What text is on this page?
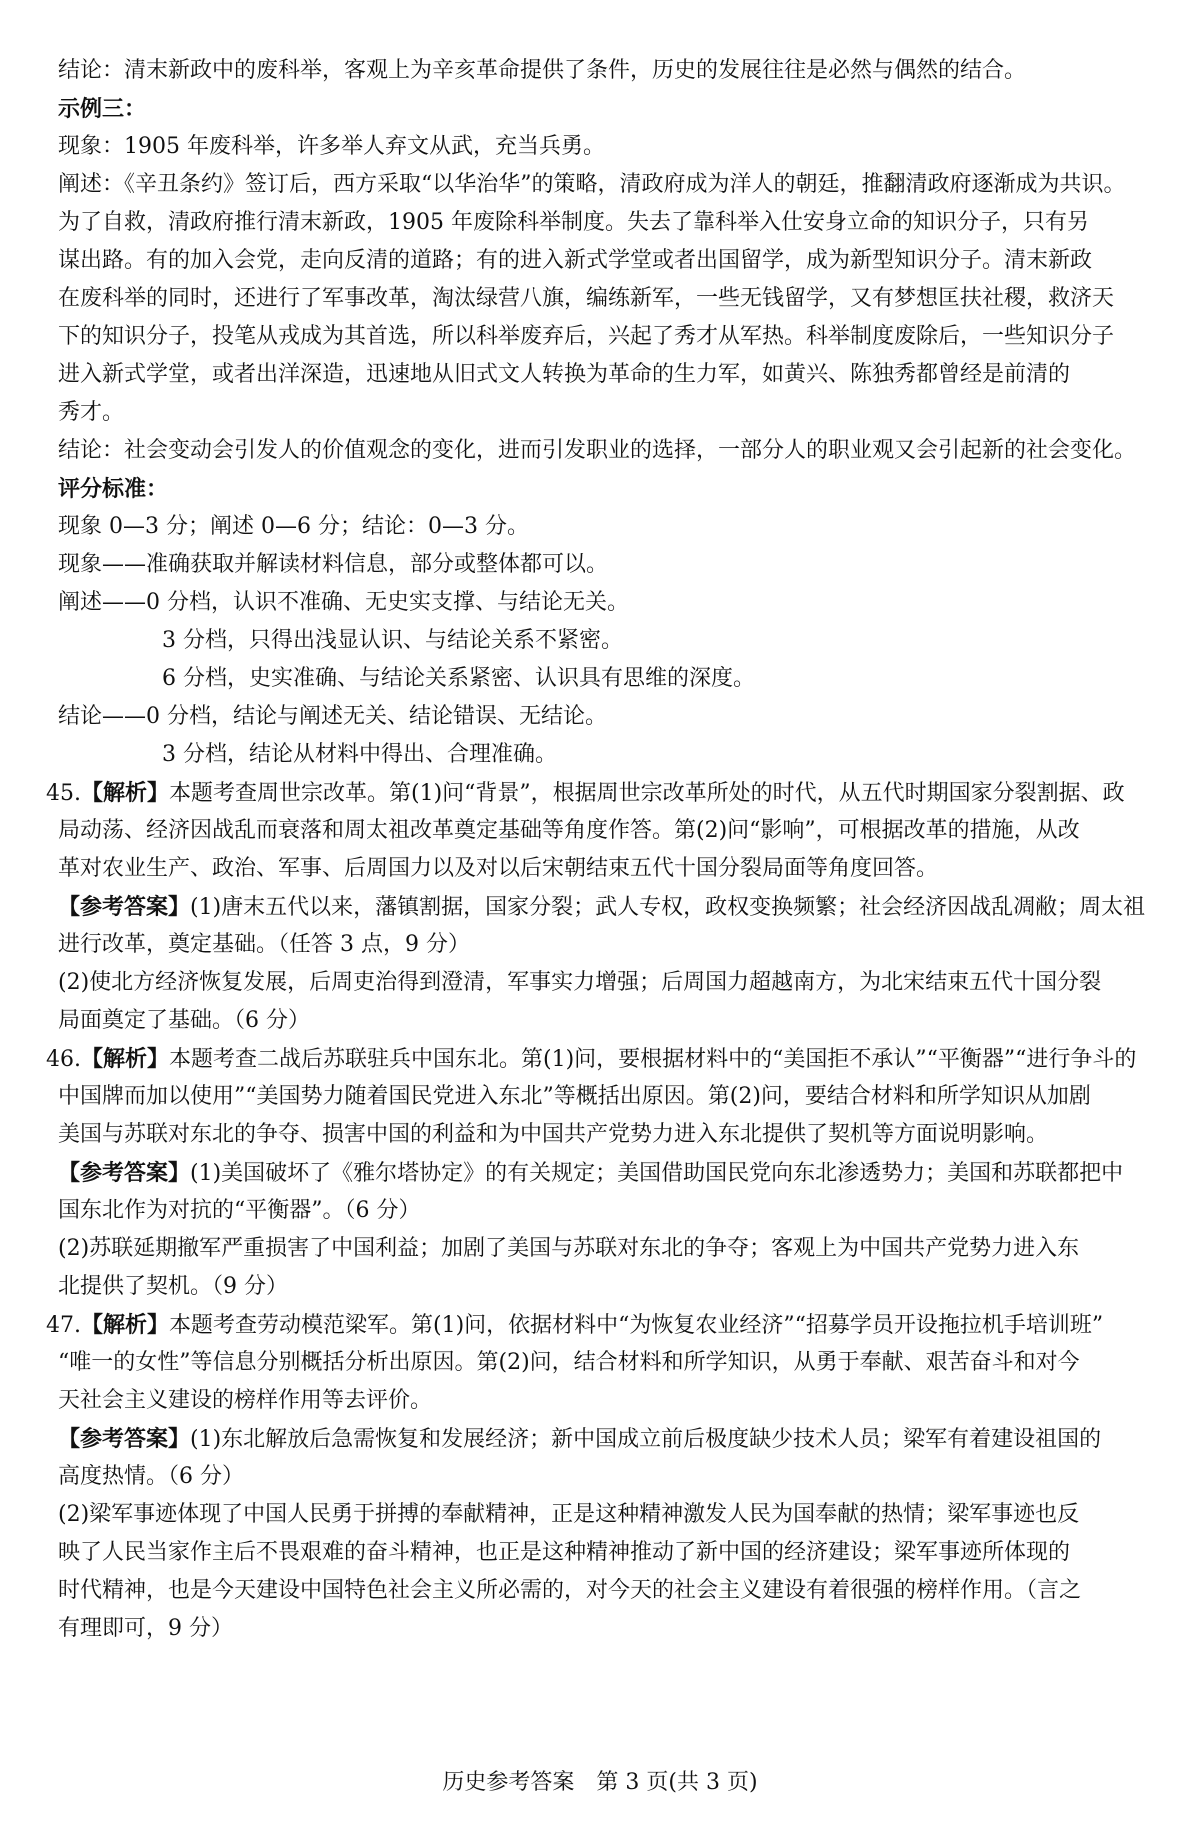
结论：清末新政中的废科举，客观上为辛亥革命提供了条件，历史的发展往往是必然与偶然的结合。
示例三：
现象：1905 年废科举，许多举人弃文从武，充当兵勇。
阐述：《辛丑条约》签订后，西方采取“以华治华”的策略，清政府成为洋人的朝廷，推翻清政府逐渐成为共识。
为了自救，清政府推行清末新政，1905 年废除科举制度。失去了靠科举入仕安身立命的知识分子，只有另
谋出路。有的加入会党，走向反清的道路；有的进入新式学堂或者出国留学，成为新型知识分子。清末新政
在废科举的同时，还进行了军事改革，淘汰绿营八旗，编练新军，一些无钱留学，又有梦想匡扶社稷，救济天
下的知识分子，投笔从戎成为其首选，所以科举废弃后，兴起了秀才从军热。科举制度废除后，一些知识分子
进入新式学堂，或者出洋深造，迅速地从旧式文人转换为革命的生力军，如黄兴、陈独秀都曾经是前清的
秀才。
结论：社会变动会引发人的价值观念的变化，进而引发职业的选择，一部分人的职业观又会引起新的社会变化。
评分标准：
现象 0—3 分；阐述 0—6 分；结论：0—3 分。
现象——准确获取并解读材料信息，部分或整体都可以。
阐述——0 分档，认识不准确、无史实支撑、与结论无关。
3 分档，只得出浅显认识、与结论关系不紧密。
6 分档，史实准确、与结论关系紧密、认识具有思维的深度。
结论——0 分档，结论与阐述无关、结论错误、无结论。
3 分档，结论从材料中得出、合理准确。
45.【解析】本题考查周世宗改革。第(1)问“背景”，根据周世宗改革所处的时代，从五代时期国家分裂割据、政
局动荡、经济因战乱而衰落和周太祖改革奠定基础等角度作答。第(2)问“影响”，可根据改革的措施，从改
革对农业生产、政治、军事、后周国力以及对以后宋朝结束五代十国分裂局面等角度回答。
【参考答案】(1)唐末五代以来，藩镇割据，国家分裂；武人专权，政权变换频繁；社会经济因战乱凋敝；周太祖
进行改革，奠定基础。（任答 3 点，9 分）
(2)使北方经济恢复发展，后周吏治得到澄清，军事实力增强；后周国力超越南方，为北宋结束五代十国分裂
局面奠定了基础。（6 分）
46.【解析】本题考查二战后苏联驻兵中国东北。第(1)问，要根据材料中的“美国拒不承认”“平衡器”“进行争斗的
中国牌而加以使用”“美国势力随着国民党进入东北”等概括出原因。第(2)问，要结合材料和所学知识从加剧
美国与苏联对东北的争夺、损害中国的利益和为中国共产党势力进入东北提供了契机等方面说明影响。
【参考答案】(1)美国破坏了《雅尔塔协定》的有关规定；美国借助国民党向东北渗透势力；美国和苏联都把中
国东北作为对抗的“平衡器”。（6 分）
(2)苏联延期撤军严重损害了中国利益；加剧了美国与苏联对东北的争夺；客观上为中国共产党势力进入东
北提供了契机。（9 分）
47.【解析】本题考查劳动模范梁军。第(1)问，依据材料中“为恢复农业经济”“招募学员开设拖拉机手培训班”
“唯一的女性”等信息分别概括分析出原因。第(2)问，结合材料和所学知识，从勇于奉献、艰苦奋斗和对今
天社会主义建设的榜样作用等去评价。
【参考答案】(1)东北解放后急需恢复和发展经济；新中国成立前后极度缺少技术人员；梁军有着建设祖国的
高度热情。（6 分）
(2)梁军事迹体现了中国人民勇于拼搏的奉献精神，正是这种精神激发人民为国奉献的热情；梁军事迹也反
映了人民当家作主后不畏艰难的奋斗精神，也正是这种精神推动了新中国的经济建设；梁军事迹所体现的
时代精神，也是今天建设中国特色社会主义所必需的，对今天的社会主义建设有着很强的榜样作用。（言之
有理即可，9 分）
历史参考答案　第 3 页(共 3 页)
